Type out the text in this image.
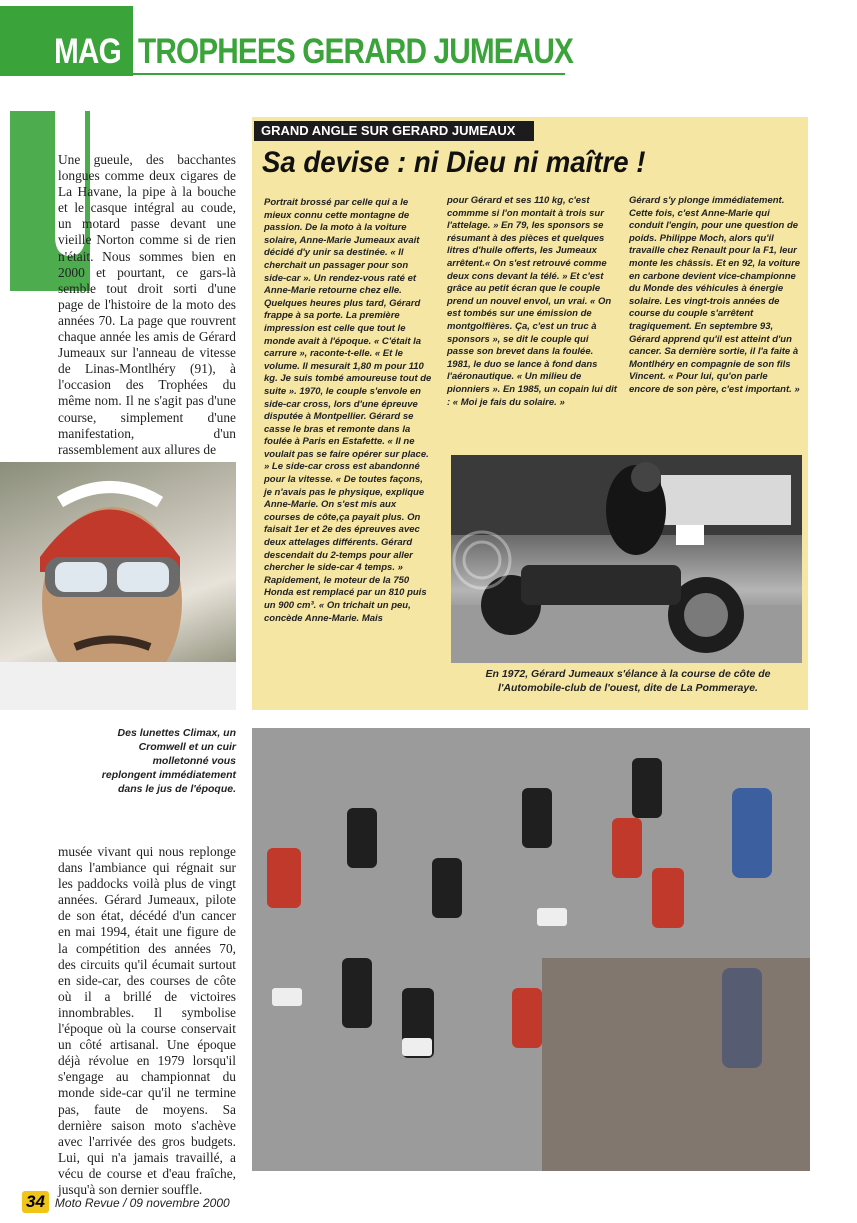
MAG TROPHEES GERARD JUMEAUX

Une gueule, des bacchantes longues comme deux cigares de La Havane, la pipe à la bouche et le casque intégral au coude, un motard passe devant une vieille Norton comme si de rien n'était. Nous sommes bien en 2000 et pourtant, ce gars-là semble tout droit sorti d'une page de l'histoire de la moto des années 70. La page que rouvrent chaque année les amis de Gérard Jumeaux sur l'anneau de vitesse de Linas-Montlhéry (91), à l'occasion des Trophées du même nom. Il ne s'agit pas d'une course, simplement d'une manifestation, d'un rassemblement aux allures de

Des lunettes Climax, un Cromwell et un cuir molletonné vous replongent immédiatement dans le jus de l'époque.

musée vivant qui nous replonge dans l'ambiance qui régnait sur les paddocks voilà plus de vingt années. Gérard Jumeaux, pilote de son état, décédé d'un cancer en mai 1994, était une figure de la compétition des années 70, des circuits qu'il écumait surtout en side-car, des courses de côte où il a brillé de victoires innombrables. Il symbolise l'époque où la course conservait un côté artisanal. Une époque déjà révolue en 1979 lorsqu'il s'engage au championnat du monde side-car qu'il ne termine pas, faute de moyens. Sa dernière saison moto s'achève avec l'arrivée des gros budgets. Lui, qui n'a jamais travaillé, a vécu de course et d'eau fraîche, jusqu'à son dernier souffle.

GRAND ANGLE SUR GERARD JUMEAUX
Sa devise : ni Dieu ni maître !

Portrait brossé par celle qui a le mieux connu cette montagne de passion. De la moto à la voiture solaire, Anne-Marie Jumeaux avait décidé d'y unir sa destinée. « Il cherchait un passager pour son side-car ». Un rendez-vous raté et Anne-Marie retourne chez elle. Quelques heures plus tard, Gérard frappe à sa porte. La première impression est celle que tout le monde avait à l'époque. « C'était la carrure », raconte-t-elle. « Et le volume. Il mesurait 1,80 m pour 110 kg. Je suis tombé amoureuse tout de suite ». 1970, le couple s'envole en side-car cross, lors d'une épreuve disputée à Montpellier. Gérard se casse le bras et remonte dans la foulée à Paris en Estafette. « Il ne voulait pas se faire opérer sur place. » Le side-car cross est abandonné pour la vitesse. « De toutes façons, je n'avais pas le physique, explique Anne-Marie. On s'est mis aux courses de côte,ça payait plus. On faisait 1er et 2e des épreuves avec deux attelages différents. Gérard descendait du 2-temps pour aller chercher le side-car 4 temps. » Rapidement, le moteur de la 750 Honda est remplacé par un 810 puis un 900 cm³. « On trichait un peu, concède Anne-Marie. Mais

pour Gérard et ses 110 kg, c'est commme si l'on montait à trois sur l'attelage. » En 79, les sponsors se résumant à des pièces et quelques litres d'huile offerts, les Jumeaux arrêtent.« On s'est retrouvé comme deux cons devant la télé. » Et c'est grâce au petit écran que le couple prend un nouvel envol, un vrai. « On est tombés sur une émission de montgolfières. Ça, c'est un truc à sponsors », se dit le couple qui passe son brevet dans la foulée. 1981, le duo se lance à fond dans l'aéronautique. « Un milieu de pionniers ». En 1985, un copain lui dit : « Moi je fais du solaire. »

Gérard s'y plonge immédiatement. Cette fois, c'est Anne-Marie qui conduit l'engin, pour une question de poids. Philippe Moch, alors qu'il travaille chez Renault pour la F1, leur monte les châssis. Et en 92, la voiture en carbone devient vice-championne du Monde des véhicules à énergie solaire. Les vingt-trois années de course du couple s'arrêtent tragiquement. En septembre 93, Gérard apprend qu'il est atteint d'un cancer. Sa dernière sortie, il l'a faite à Montlhéry en compagnie de son fils Vincent. « Pour lui, qu'on parle encore de son père, c'est important. »

En 1972, Gérard Jumeaux s'élance à la course de côte de l'Automobile-club de l'ouest, dite de La Pommeraye.
34 Moto Revue / 09 novembre 2000
